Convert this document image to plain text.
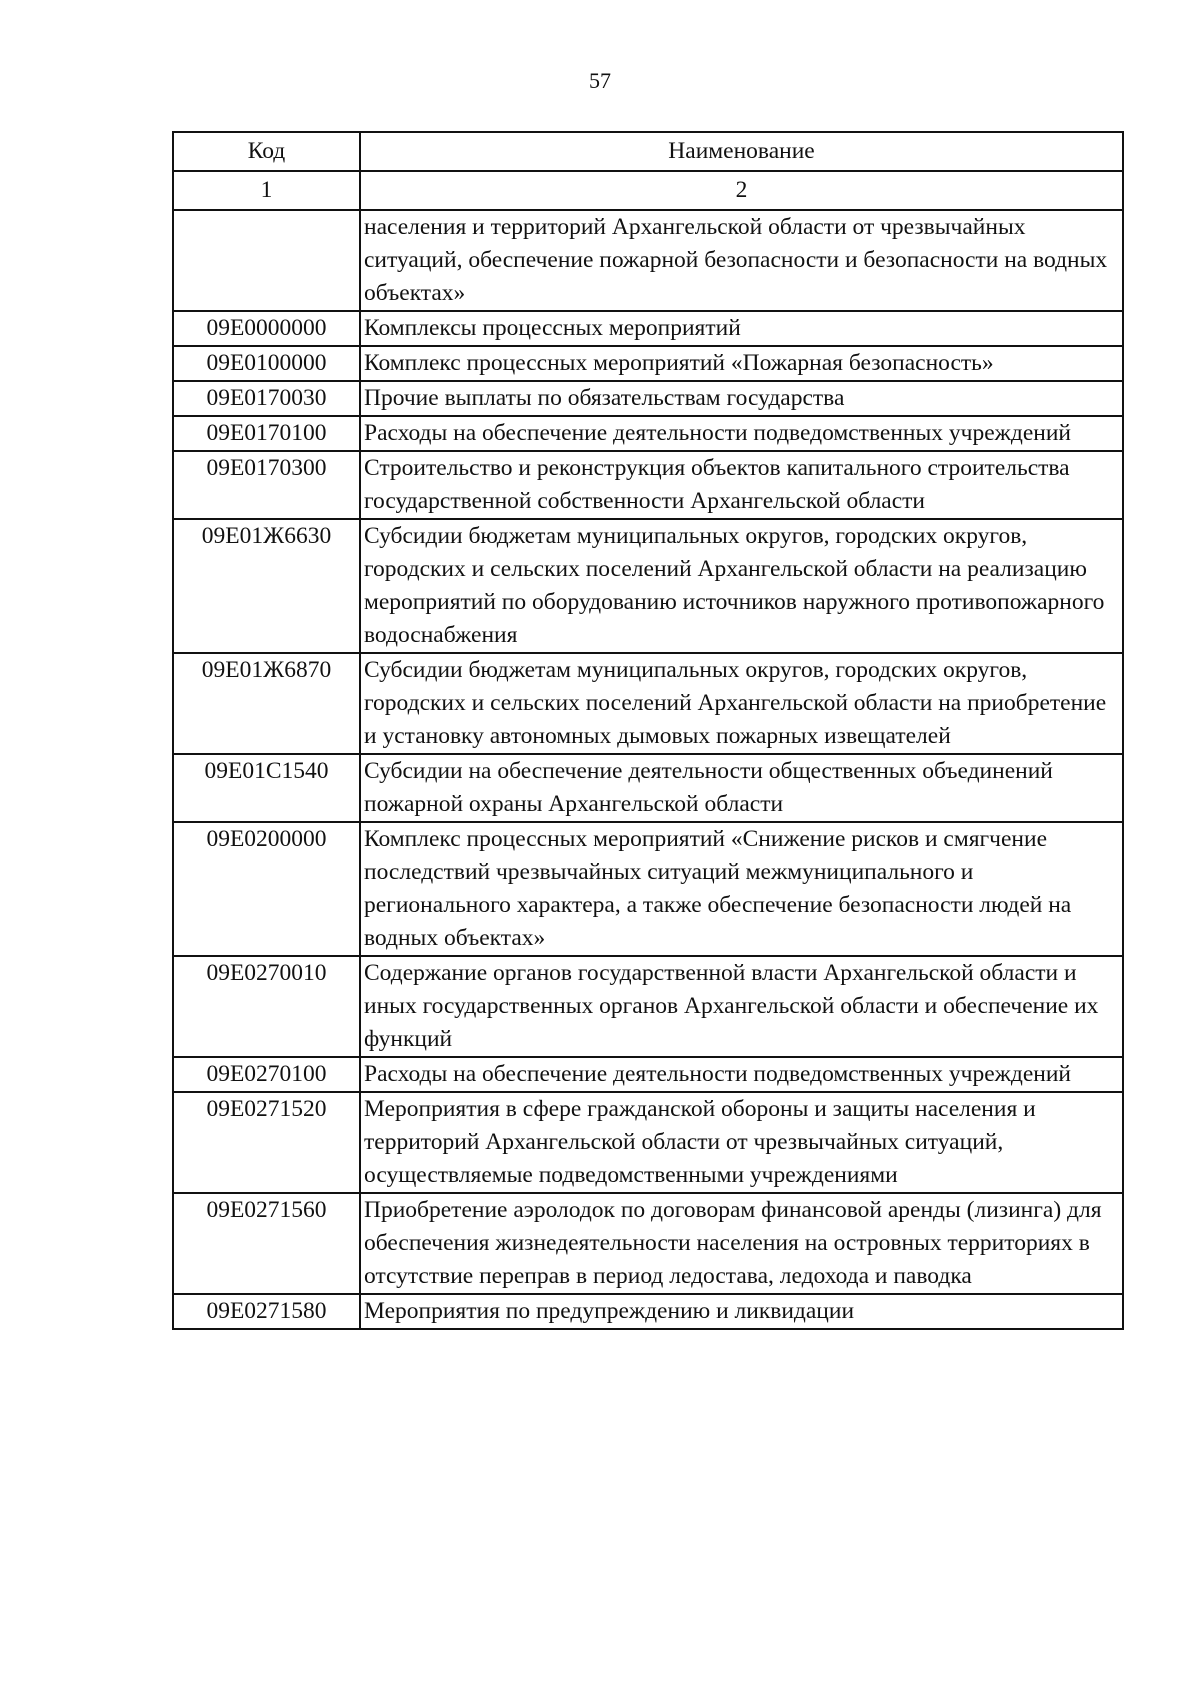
57
Код	Наименование
1	2
	населения и территорий Архангельской области от чрезвычайных ситуаций, обеспечение пожарной безопасности и безопасности на водных объектах»
09Е0000000	Комплексы процессных мероприятий
09Е0100000	Комплекс процессных мероприятий «Пожарная безопасность»
09Е0170030	Прочие выплаты по обязательствам государства
09Е0170100	Расходы на обеспечение деятельности подведомственных учреждений
09Е0170300	Строительство и реконструкция объектов капитального строительства государственной собственности Архангельской области
09Е01Ж6630	Субсидии бюджетам муниципальных округов, городских округов, городских и сельских поселений Архангельской области на реализацию мероприятий по оборудованию источников наружного противопожарного водоснабжения
09Е01Ж6870	Субсидии бюджетам муниципальных округов, городских округов, городских и сельских поселений Архангельской области на приобретение и установку автономных дымовых пожарных извещателей
09Е01С1540	Субсидии на обеспечение деятельности общественных объединений пожарной охраны Архангельской области
09Е0200000	Комплекс процессных мероприятий «Снижение рисков и смягчение последствий чрезвычайных ситуаций межмуниципального и регионального характера, а также обеспечение безопасности людей на водных объектах»
09Е0270010	Содержание органов государственной власти Архангельской области и иных государственных органов Архангельской области и обеспечение их функций
09Е0270100	Расходы на обеспечение деятельности подведомственных учреждений
09Е0271520	Мероприятия в сфере гражданской обороны и защиты населения и территорий Архангельской области от чрезвычайных ситуаций, осуществляемые подведомственными учреждениями
09Е0271560	Приобретение аэролодок по договорам финансовой аренды (лизинга) для обеспечения жизнедеятельности населения на островных территориях в отсутствие переправ в период ледостава, ледохода и паводка
09Е0271580	Мероприятия по предупреждению и ликвидации
